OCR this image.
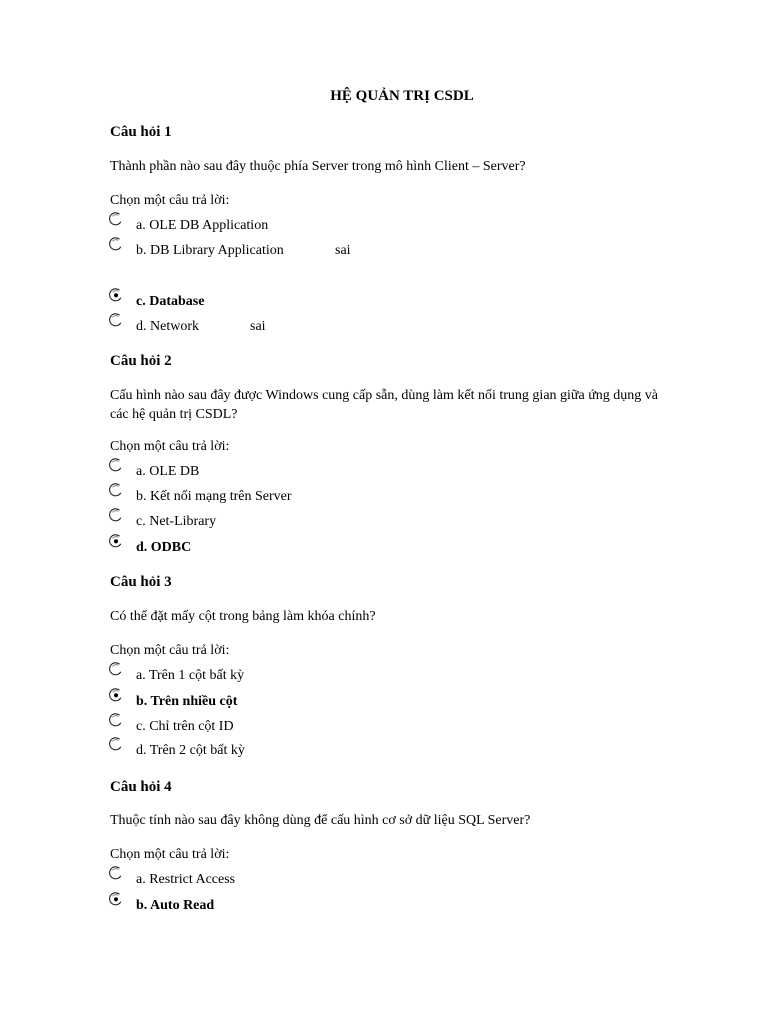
HỆ QUẢN TRỊ CSDL
Câu hỏi 1
Thành phần nào sau đây thuộc phía Server trong mô hình Client – Server?
Chọn một câu trả lời:
a. OLE DB Application
b. DB Library Application	sai
c. Database
d. Network	sai
Câu hỏi 2
Cấu hình nào sau đây được Windows cung cấp sẵn, dùng làm kết nối trung gian giữa ứng dụng và các hệ quản trị CSDL?
Chọn một câu trả lời:
a. OLE DB
b. Kết nối mạng trên Server
c. Net-Library
d. ODBC
Câu hỏi 3
Có thể đặt mấy cột trong bảng làm khóa chính?
Chọn một câu trả lời:
a. Trên 1 cột bất kỳ
b. Trên nhiều cột
c. Chỉ trên cột ID
d. Trên 2 cột bất kỳ
Câu hỏi 4
Thuộc tính nào sau đây không dùng để cấu hình cơ sở dữ liệu SQL Server?
Chọn một câu trả lời:
a. Restrict Access
b. Auto Read
